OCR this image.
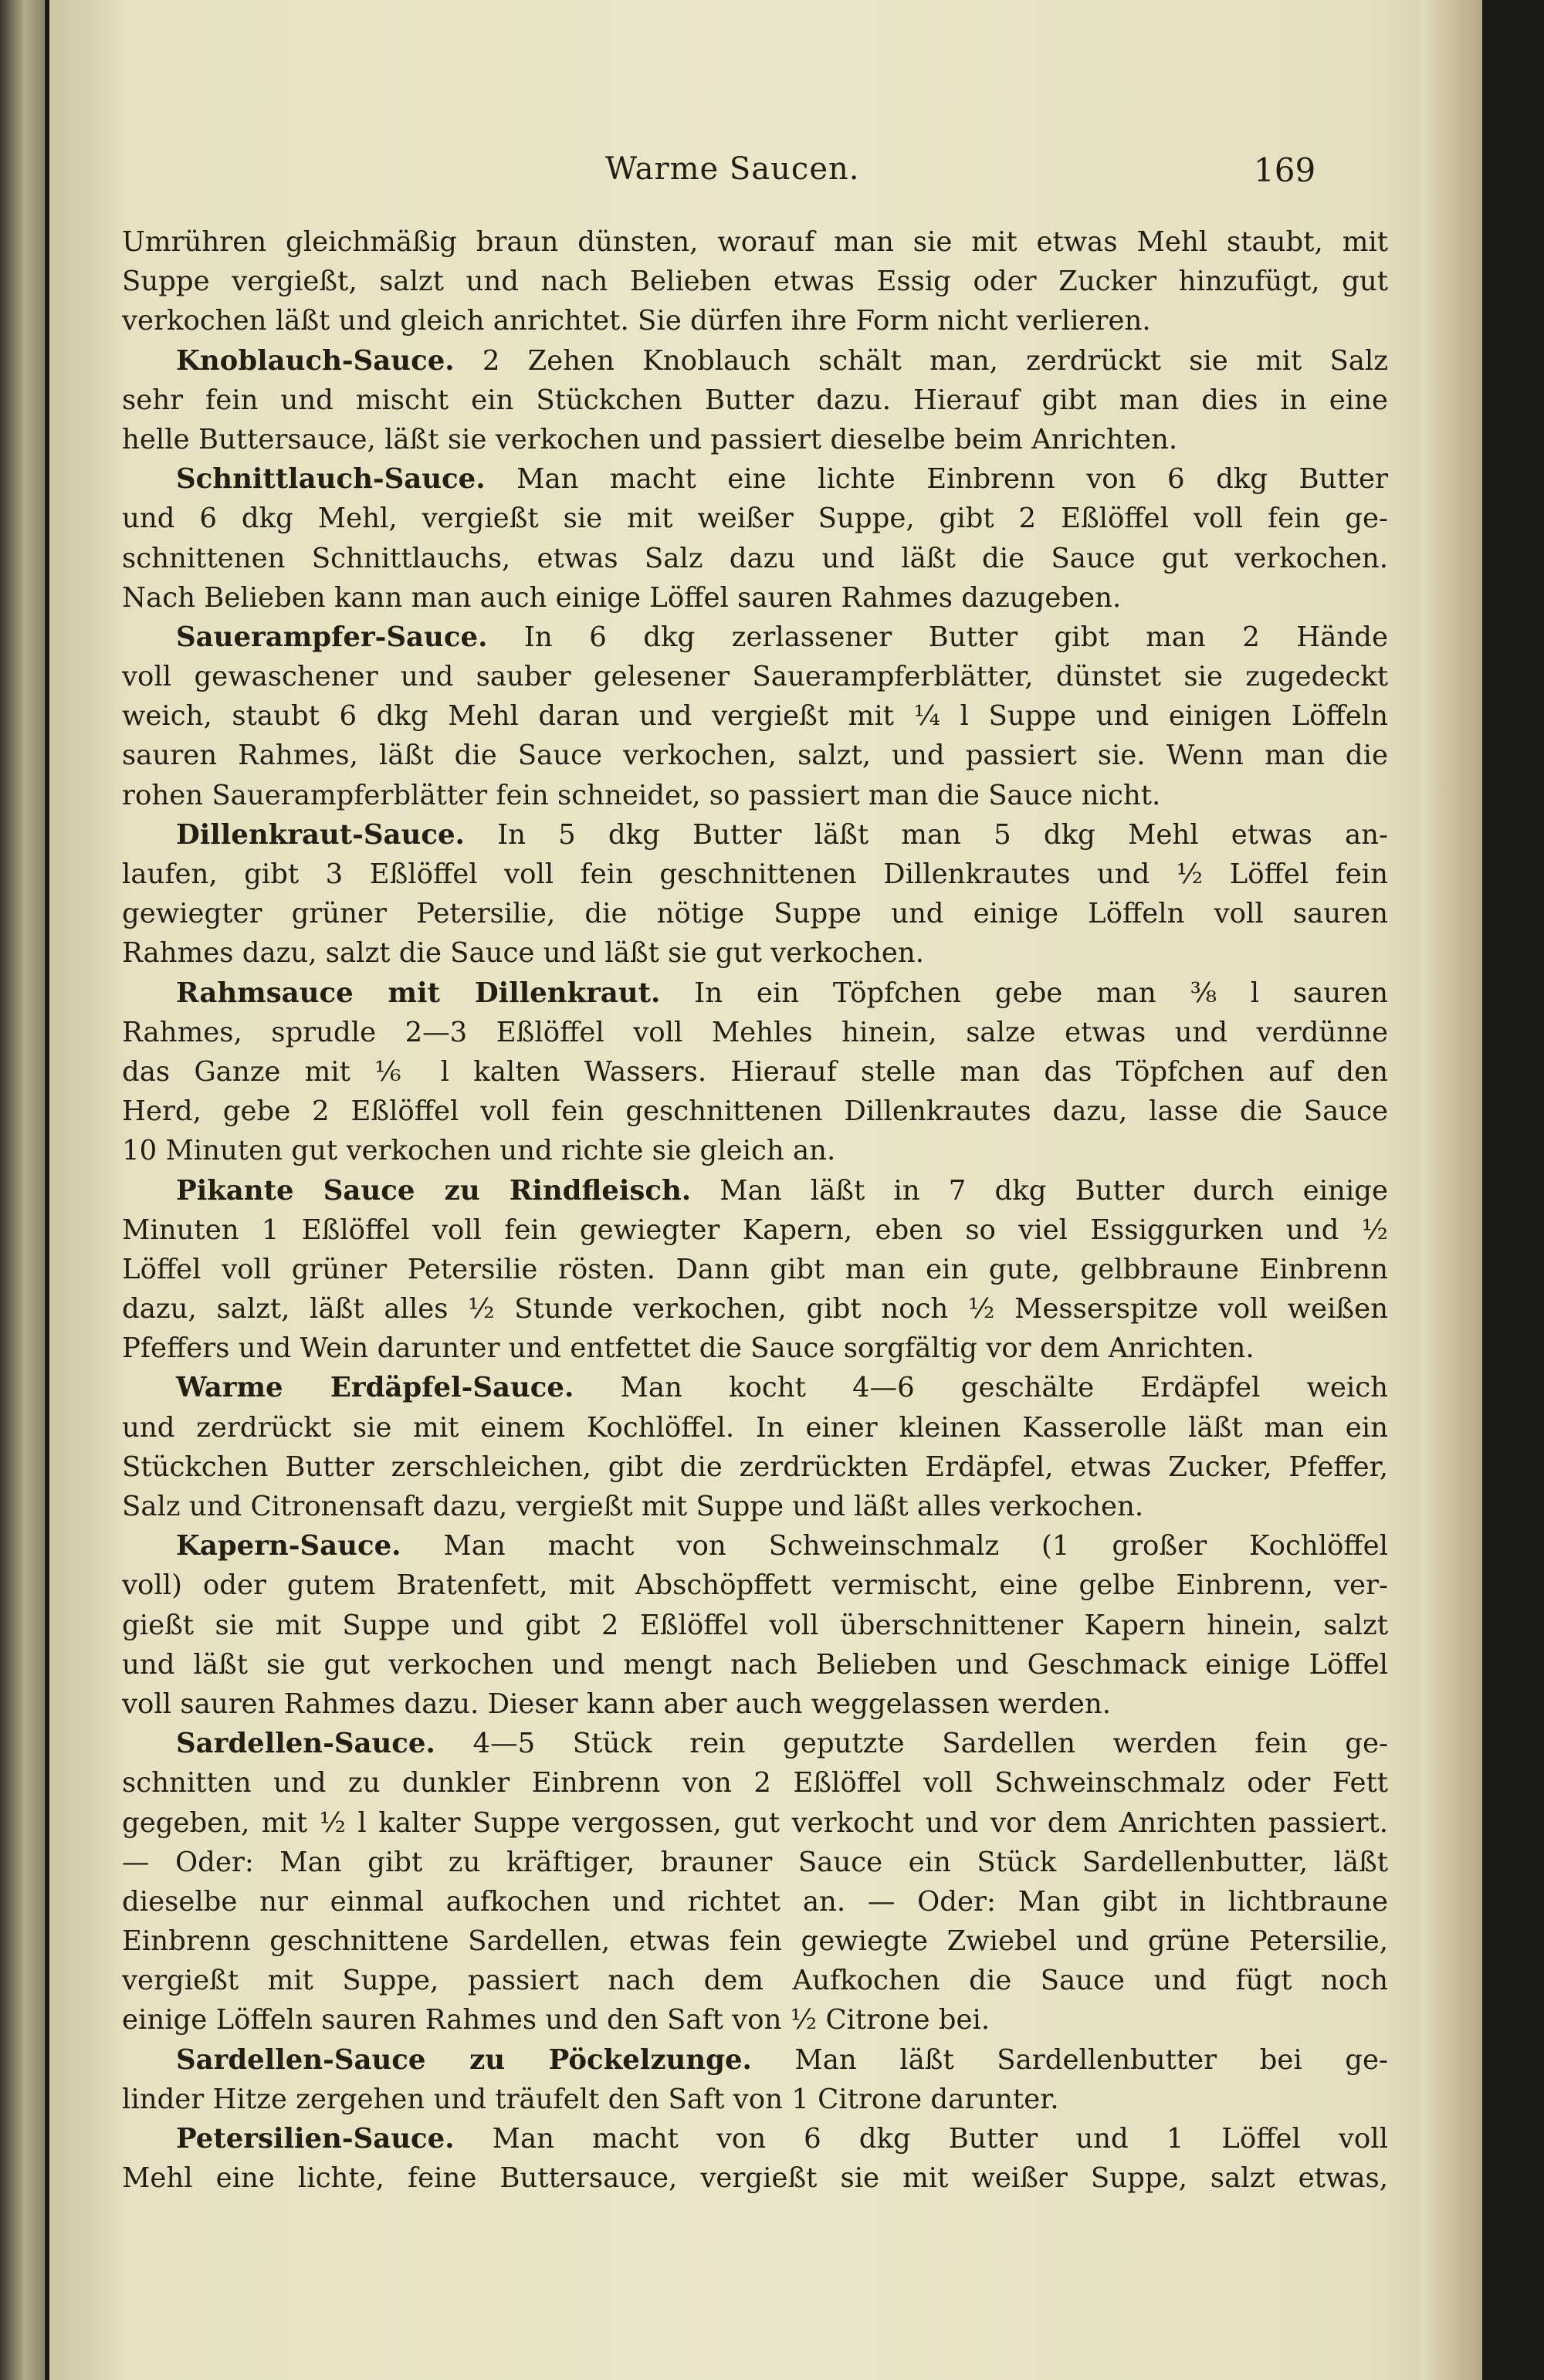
Warme Saucen.	169
Umrühren gleichmäßig braun dünsten, worauf man sie mit etwas Mehl staubt, mit
Suppe vergießt, salzt und nach Belieben etwas Essig oder Zucker hinzufügt, gut
verkochen läßt und gleich anrichtet. Sie dürfen ihre Form nicht verlieren.
Knoblauch-Sauce. 2 Zehen Knoblauch schält man, zerdrückt sie mit Salz
sehr fein und mischt ein Stückchen Butter dazu. Hierauf gibt man dies in eine
helle Buttersauce, läßt sie verkochen und passiert dieselbe beim Anrichten.
Schnittlauch-Sauce. Man macht eine lichte Einbrenn von 6 dkg Butter
und 6 dkg Mehl, vergießt sie mit weißer Suppe, gibt 2 Eßlöffel voll fein ge-
schnittenen Schnittlauchs, etwas Salz dazu und läßt die Sauce gut verkochen.
Nach Belieben kann man auch einige Löffel sauren Rahmes dazugeben.
Sauerampfer-Sauce. In 6 dkg zerlassener Butter gibt man 2 Hände
voll gewaschener und sauber gelesener Sauerampferblätter, dünstet sie zugedeckt
weich, staubt 6 dkg Mehl daran und vergießt mit ¼ l Suppe und einigen Löffeln
sauren Rahmes, läßt die Sauce verkochen, salzt, und passiert sie. Wenn man die
rohen Sauerampferblätter fein schneidet, so passiert man die Sauce nicht.
Dillenkraut-Sauce. In 5 dkg Butter läßt man 5 dkg Mehl etwas an-
laufen, gibt 3 Eßlöffel voll fein geschnittenen Dillenkrautes und ½ Löffel fein
gewiegter grüner Petersilie, die nötige Suppe und einige Löffeln voll sauren
Rahmes dazu, salzt die Sauce und läßt sie gut verkochen.
Rahmsauce mit Dillenkraut. In ein Töpfchen gebe man ⅜ l sauren
Rahmes, sprudle 2—3 Eßlöffel voll Mehles hinein, salze etwas und verdünne
das Ganze mit ⅙ l kalten Wassers. Hierauf stelle man das Töpfchen auf den
Herd, gebe 2 Eßlöffel voll fein geschnittenen Dillenkrautes dazu, lasse die Sauce
10 Minuten gut verkochen und richte sie gleich an.
Pikante Sauce zu Rindfleisch. Man läßt in 7 dkg Butter durch einige
Minuten 1 Eßlöffel voll fein gewiegter Kapern, eben so viel Essiggurken und ½
Löffel voll grüner Petersilie rösten. Dann gibt man ein gute, gelbbraune Einbrenn
dazu, salzt, läßt alles ½ Stunde verkochen, gibt noch ½ Messerspitze voll weißen
Pfeffers und Wein darunter und entfettet die Sauce sorgfältig vor dem Anrichten.
Warme Erdäpfel-Sauce. Man kocht 4—6 geschälte Erdäpfel weich
und zerdrückt sie mit einem Kochlöffel. In einer kleinen Kasserolle läßt man ein
Stückchen Butter zerschleichen, gibt die zerdrückten Erdäpfel, etwas Zucker, Pfeffer,
Salz und Citronensaft dazu, vergießt mit Suppe und läßt alles verkochen.
Kapern-Sauce. Man macht von Schweinschmalz (1 großer Kochlöffel
voll) oder gutem Bratenfett, mit Abschöpffett vermischt, eine gelbe Einbrenn, ver-
gießt sie mit Suppe und gibt 2 Eßlöffel voll überschnittener Kapern hinein, salzt
und läßt sie gut verkochen und mengt nach Belieben und Geschmack einige Löffel
voll sauren Rahmes dazu. Dieser kann aber auch weggelassen werden.
Sardellen-Sauce. 4—5 Stück rein geputzte Sardellen werden fein ge-
schnitten und zu dunkler Einbrenn von 2 Eßlöffel voll Schweinschmalz oder Fett
gegeben, mit ½ l kalter Suppe vergossen, gut verkocht und vor dem Anrichten passiert.
— Oder: Man gibt zu kräftiger, brauner Sauce ein Stück Sardellenbutter, läßt
dieselbe nur einmal aufkochen und richtet an. — Oder: Man gibt in lichtbraune
Einbrenn geschnittene Sardellen, etwas fein gewiegte Zwiebel und grüne Petersilie,
vergießt mit Suppe, passiert nach dem Aufkochen die Sauce und fügt noch
einige Löffeln sauren Rahmes und den Saft von ½ Citrone bei.
Sardellen-Sauce zu Pöckelzunge. Man läßt Sardellenbutter bei ge-
linder Hitze zergehen und träufelt den Saft von 1 Citrone darunter.
Petersilien-Sauce. Man macht von 6 dkg Butter und 1 Löffel voll
Mehl eine lichte, feine Buttersauce, vergießt sie mit weißer Suppe, salzt etwas,
